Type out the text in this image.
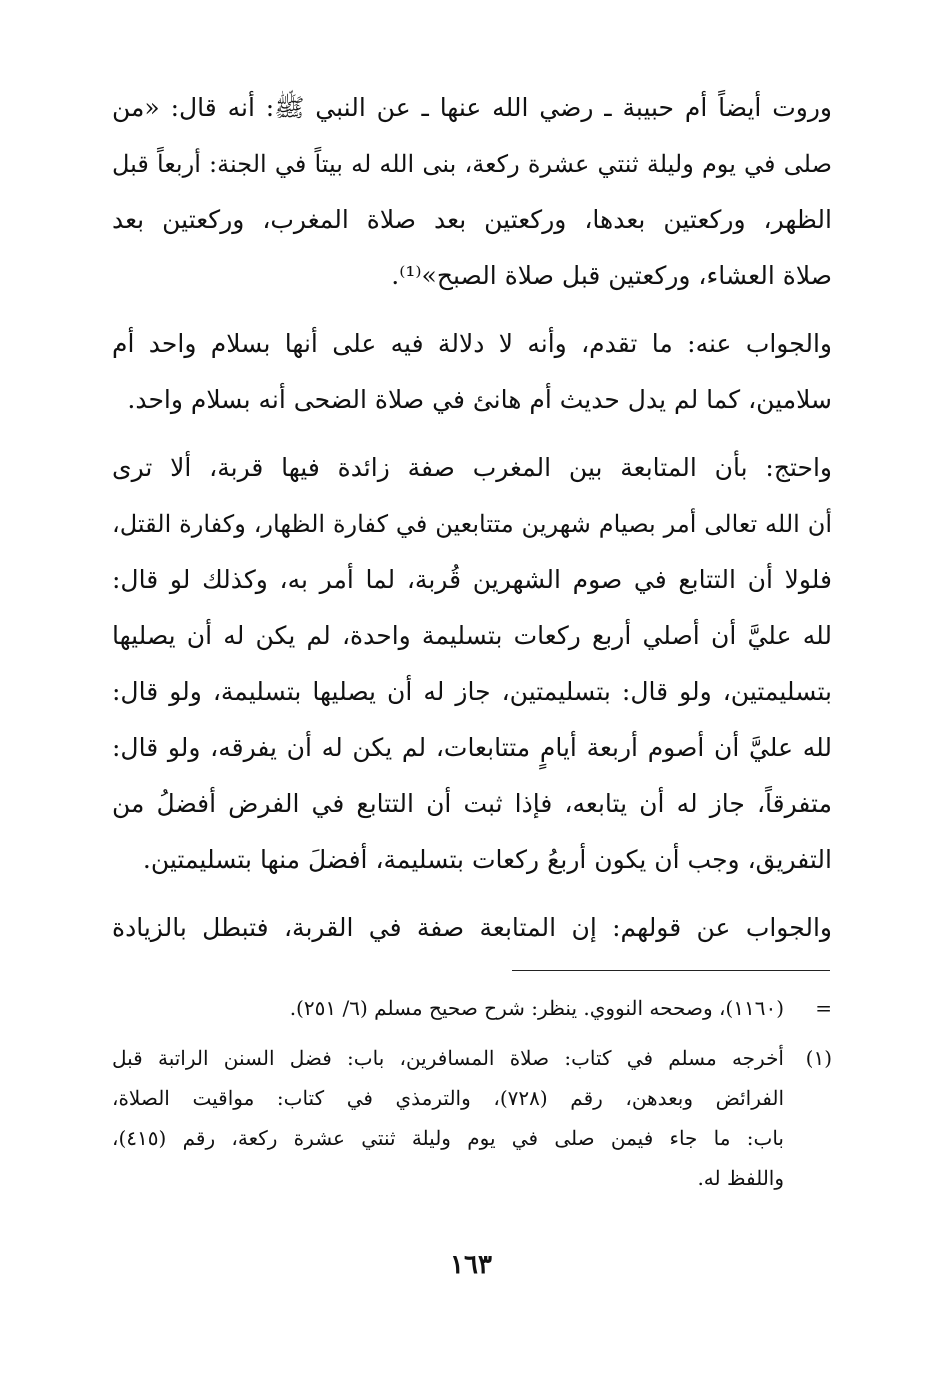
وروت أيضاً أم حبيبة ـ رضي الله عنها ـ عن النبي ﷺ: أنه قال: «من
صلى في يوم وليلة ثنتي عشرة ركعة، بنى الله له بيتاً في الجنة: أربعاً قبل
الظهر، وركعتين بعدها، وركعتين بعد صلاة المغرب، وركعتين بعد
صلاة العشاء، وركعتين قبل صلاة الصبح»⁽¹⁾.
والجواب عنه: ما تقدم، وأنه لا دلالة فيه على أنها بسلام واحد أم
سلامين، كما لم يدل حديث أم هانئ في صلاة الضحى أنه بسلام واحد.
واحتج: بأن المتابعة بين المغرب صفة زائدة فيها قربة، ألا ترى
أن الله تعالى أمر بصيام شهرين متتابعين في كفارة الظهار، وكفارة القتل،
فلولا أن التتابع في صوم الشهرين قُربة، لما أمر به، وكذلك لو قال:
لله عليَّ أن أصلي أربع ركعات بتسليمة واحدة، لم يكن له أن يصليها
بتسليمتين، ولو قال: بتسليمتين، جاز له أن يصليها بتسليمة، ولو قال:
لله عليَّ أن أصوم أربعة أيامٍ متتابعات، لم يكن له أن يفرقه، ولو قال:
متفرقاً، جاز له أن يتابعه، فإذا ثبت أن التتابع في الفرض أفضلُ من
التفريق، وجب أن يكون أربعُ ركعات بتسليمة، أفضلَ منها بتسليمتين.
والجواب عن قولهم: إن المتابعة صفة في القربة، فتبطل بالزيادة
=
(١١٦٠)، وصححه النووي. ينظر: شرح صحيح مسلم (٦/ ٢٥١).
(١)
أخرجه مسلم في كتاب: صلاة المسافرين، باب: فضل السنن الراتبة قبل
الفرائض وبعدهن، رقم (٧٢٨)، والترمذي في كتاب: مواقيت الصلاة،
باب: ما جاء فيمن صلى في يوم وليلة ثنتي عشرة ركعة، رقم (٤١٥)،
واللفظ له.
١٦٣
